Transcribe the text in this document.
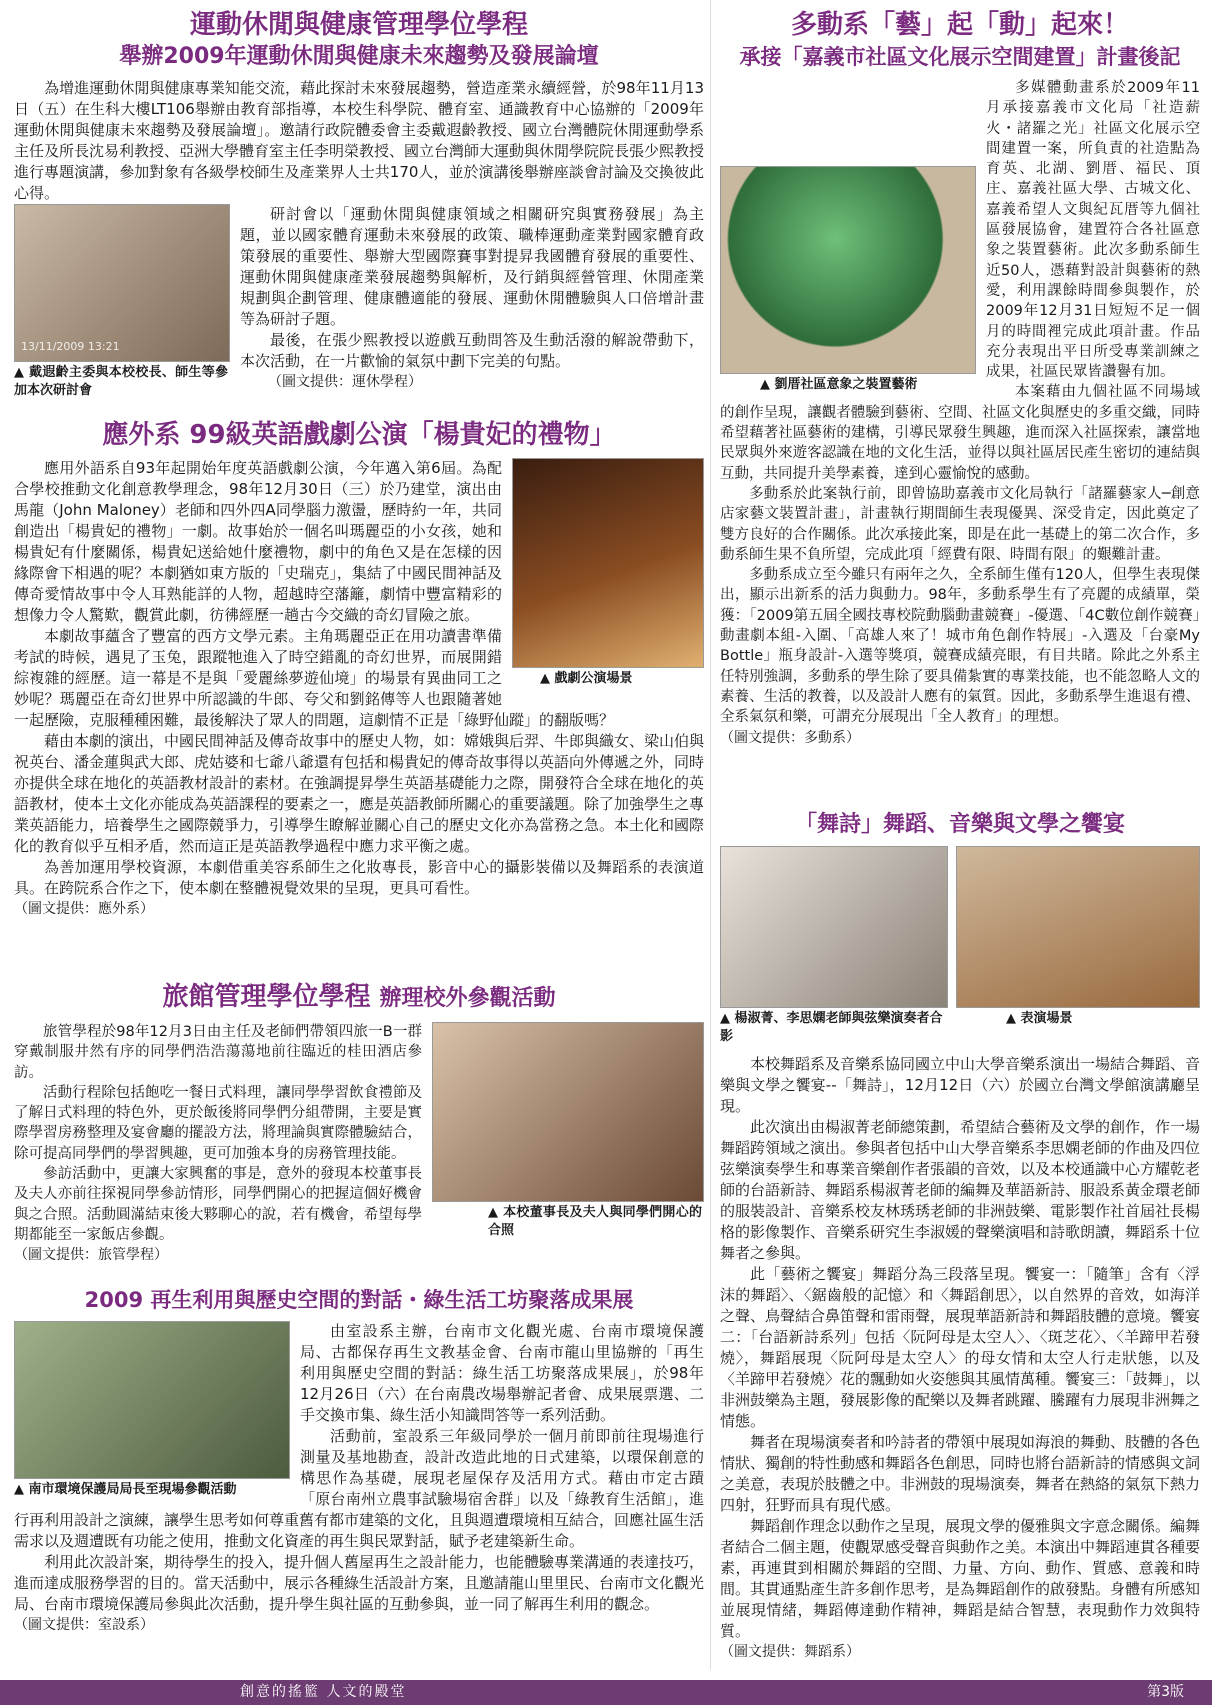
運動休閒與健康管理學位學程
舉辦2009年運動休閒與健康未來趨勢及發展論壇

為增進運動休閒與健康專業知能交流，藉此探討未來發展趨勢，營造產業永續經營，於98年11月13日（五）在生科大樓LT106舉辦由教育部指導，本校生科學院、體育室、通識教育中心協辦的「2009年運動休閒與健康未來趨勢及發展論壇」。邀請行政院體委會主委戴遐齡教授、國立台灣體院休閒運動學系主任及所長沈易利教授、亞洲大學體育室主任李明榮教授、國立台灣師大運動與休閒學院院長張少熙教授進行專題演講，參加對象有各級學校師生及產業界人士共170人，並於演講後舉辦座談會討論及交換彼此心得。

13/11/2009 13:21
▲ 戴遐齡主委與本校校長、師生等參加本次研討會

研討會以「運動休閒與健康領域之相關研究與實務發展」為主題，並以國家體育運動未來發展的政策、職棒運動產業對國家體育政策發展的重要性、舉辦大型國際賽事對提昇我國體育發展的重要性、運動休閒與健康產業發展趨勢與解析，及行銷與經營管理、休閒產業規劃與企劃管理、健康體適能的發展、運動休閒體驗與人口倍增計畫等為研討子題。

最後，在張少熙教授以遊戲互動問答及生動活潑的解說帶動下，本次活動，在一片歡愉的氣氛中劃下完美的句點。

（圖文提供：運休學程）
應外系 99級英語戲劇公演「楊貴妃的禮物」
▲ 戲劇公演場景

應用外語系自93年起開始年度英語戲劇公演，今年邁入第6屆。為配合學校推動文化創意教學理念，98年12月30日（三）於乃建堂，演出由馬龍（John Maloney）老師和四外四A同學腦力激盪，歷時約一年，共同創造出「楊貴妃的禮物」一劇。故事始於一個名叫瑪麗亞的小女孩，她和楊貴妃有什麼關係，楊貴妃送給她什麼禮物，劇中的角色又是在怎樣的因緣際會下相遇的呢？本劇猶如東方版的「史瑞克」，集結了中國民間神話及傳奇愛情故事中令人耳熟能詳的人物，超越時空藩籬，劇情中豐富精彩的想像力令人驚歎，觀賞此劇，彷彿經歷一趟古今交織的奇幻冒險之旅。

本劇故事蘊含了豐富的西方文學元素。主角瑪麗亞正在用功讀書準備考試的時候，遇見了玉兔，跟蹤牠進入了時空錯亂的奇幻世界，而展開錯綜複雜的經歷。這一幕是不是與「愛麗絲夢遊仙境」的場景有異曲同工之妙呢？瑪麗亞在奇幻世界中所認識的牛郎、夸父和劉銘傳等人也跟隨著她一起歷險，克服種種困難，最後解決了眾人的問題，這劇情不正是「綠野仙蹤」的翻版嗎？

藉由本劇的演出，中國民間神話及傳奇故事中的歷史人物，如：嫦娥與后羿、牛郎與織女、梁山伯與祝英台、潘金蓮與武大郎、虎姑婆和七爺八爺還有包括和楊貴妃的傳奇故事得以英語向外傳遞之外，同時亦提供全球在地化的英語教材設計的素材。在強調提昇學生英語基礎能力之際，開發符合全球在地化的英語教材，使本土文化亦能成為英語課程的要素之一，應是英語教師所關心的重要議題。除了加強學生之專業英語能力，培養學生之國際競爭力，引導學生瞭解並關心自己的歷史文化亦為當務之急。本土化和國際化的教育似乎互相矛盾，然而這正是英語教學過程中應力求平衡之處。

為善加運用學校資源，本劇借重美容系師生之化妝專長，影音中心的攝影裝備以及舞蹈系的表演道具。在跨院系合作之下，使本劇在整體視覺效果的呈現，更具可看性。

（圖文提供：應外系）
旅館管理學位學程 辦理校外參觀活動
▲ 本校董事長及夫人與同學們開心的合照

旅管學程於98年12月3日由主任及老師們帶領四旅一B一群穿戴制服井然有序的同學們浩浩蕩蕩地前往臨近的桂田酒店參訪。

活動行程除包括飽吃一餐日式料理，讓同學學習飲食禮節及了解日式料理的特色外，更於飯後將同學們分組帶開，主要是實際學習房務整理及宴會廳的擺設方法，將理論與實際體驗結合，除可提高同學們的學習興趣，更可加強本身的房務管理技能。

參訪活動中，更讓大家興奮的事是，意外的發現本校董事長及夫人亦前往探視同學參訪情形，同學們開心的把握這個好機會與之合照。活動圓滿結束後大夥聊心的說，若有機會，希望每學期都能至一家飯店參觀。

（圖文提供：旅管學程）
2009 再生利用與歷史空間的對話・綠生活工坊聚落成果展
▲ 南市環境保護局局長至現場參觀活動

由室設系主辦，台南市文化觀光處、台南市環境保護局、古都保存再生文教基金會、台南市龍山里協辦的「再生利用與歷史空間的對話：綠生活工坊聚落成果展」，於98年12月26日（六）在台南農改場舉辦記者會、成果展票選、二手交換市集、綠生活小知識問答等一系列活動。

活動前，室設系三年級同學於一個月前即前往現場進行測量及基地勘查，設計改造此地的日式建築，以環保創意的構思作為基礎，展現老屋保存及活用方式。藉由市定古蹟「原台南州立農事試驗場宿舍群」以及「綠教育生活館」，進行再利用設計之演練，讓學生思考如何尊重舊有都市建築的文化，且與週遭環境相互結合，回應社區生活需求以及週遭既有功能之使用，推動文化資產的再生與民眾對話，賦予老建築新生命。

利用此次設計案，期待學生的投入，提升個人舊屋再生之設計能力，也能體驗專業溝通的表達技巧，進而達成服務學習的目的。當天活動中，展示各種綠生活設計方案，且邀請龍山里里民、台南市文化觀光局、台南市環境保護局參與此次活動，提升學生與社區的互動參與，並一同了解再生利用的觀念。

（圖文提供：室設系）
多動系「藝」起「動」起來！
承接「嘉義市社區文化展示空間建置」計畫後記
▲ 劉厝社區意象之裝置藝術

多媒體動畫系於2009年11月承接嘉義市文化局「社造薪火・諸羅之光」社區文化展示空間建置一案，所負責的社造點為育英、北湖、劉厝、福民、頂庄、嘉義社區大學、古城文化、嘉義希望人文與紀瓦厝等九個社區發展協會，建置符合各社區意象之裝置藝術。此次多動系師生近50人，憑藉對設計與藝術的熱愛，利用課餘時間參與製作，於2009年12月31日短短不足一個月的時間裡完成此項計畫。作品充分表現出平日所受專業訓練之成果，社區民眾皆讚譽有加。

本案藉由九個社區不同場域的創作呈現，讓觀者體驗到藝術、空間、社區文化與歷史的多重交織，同時希望藉著社區藝術的建構，引導民眾發生興趣，進而深入社區探索，讓當地民眾與外來遊客認識在地的文化生活，並得以與社區居民產生密切的連結與互動，共同提升美學素養，達到心靈愉悅的感動。

多動系於此案執行前，即曾協助嘉義市文化局執行「諸羅藝家人─創意店家藝文裝置計畫」，計畫執行期間師生表現優異、深受肯定，因此奠定了雙方良好的合作關係。此次承接此案，即是在此一基礎上的第二次合作，多動系師生果不負所望，完成此項「經費有限、時間有限」的艱難計畫。

多動系成立至今雖只有兩年之久，全系師生僅有120人，但學生表現傑出，顯示出新系的活力與動力。98年，多動系學生有了亮麗的成績單，榮獲：「2009第五屆全國技專校院動腦動畫競賽」-優選、「4C數位創作競賽」動畫劇本組-入圍、「高雄人來了！城市角色創作特展」-入選及「台豪My Bottle」瓶身設計-入選等獎項，競賽成績亮眼，有目共睹。除此之外系主任特別強調，多動系的學生除了要具備紮實的專業技能，也不能忽略人文的素養、生活的教養，以及設計人應有的氣質。因此，多動系學生進退有禮、全系氣氛和樂，可謂充分展現出「全人教育」的理想。

（圖文提供：多動系）
「舞詩」舞蹈、音樂與文學之饗宴
▲ 楊淑菁、李思嫻老師與弦樂演奏者合影
▲ 表演場景

本校舞蹈系及音樂系協同國立中山大學音樂系演出一場結合舞蹈、音樂與文學之饗宴--「舞詩」，12月12日（六）於國立台灣文學館演講廳呈現。

此次演出由楊淑菁老師總策劃，希望結合藝術及文學的創作，作一場舞蹈跨領域之演出。參與者包括中山大學音樂系李思嫻老師的作曲及四位弦樂演奏學生和專業音樂創作者張韻的音效，以及本校通識中心方耀乾老師的台語新詩、舞蹈系楊淑菁老師的編舞及華語新詩、服設系黃金環老師的服裝設計、音樂系校友林琇琇老師的非洲鼓樂、電影製作社首屆社長楊格的影像製作、音樂系研究生李淑媛的聲樂演唱和詩歌朗讀，舞蹈系十位舞者之參與。

此「藝術之饗宴」舞蹈分為三段落呈現。饗宴一：「隨筆」含有〈浮沫的舞蹈〉、〈鋸齒般的記憶〉和〈舞蹈創思〉，以自然界的音效，如海洋之聲、鳥聲結合鼻笛聲和雷雨聲，展現華語新詩和舞蹈肢體的意境。饗宴二：「台語新詩系列」包括〈阮阿母是太空人〉、〈斑芝花〉、〈羊蹄甲若發燒〉，舞蹈展現〈阮阿母是太空人〉的母女情和太空人行走狀態，以及〈羊蹄甲若發燒〉花的飄動如火姿態與其風情萬種。饗宴三：「鼓舞」，以非洲鼓樂為主題，發展影像的配樂以及舞者跳躍、騰躍有力展現非洲舞之情態。

舞者在現場演奏者和吟詩者的帶領中展現如海浪的舞動、肢體的各色情狀、獨創的特性動感和舞蹈各色創思，同時也將台語新詩的情感與文詞之美意，表現於肢體之中。非洲鼓的現場演奏，舞者在熱絡的氣氛下熱力四射，狂野而具有現代感。

舞蹈創作理念以動作之呈現，展現文學的優雅與文字意念關係。編舞者結合二個主題，使觀眾感受聲音與動作之美。本演出中舞蹈連貫各種要素，再連貫到相關於舞蹈的空間、力量、方向、動作、質感、意義和時間。其貫通點產生許多創作思考，是為舞蹈創作的啟發點。身體有所感知並展現情緒，舞蹈傳達動作精神，舞蹈是結合智慧，表現動作力效與特質。

（圖文提供：舞蹈系）
創意的搖籃 人文的殿堂	第3版
